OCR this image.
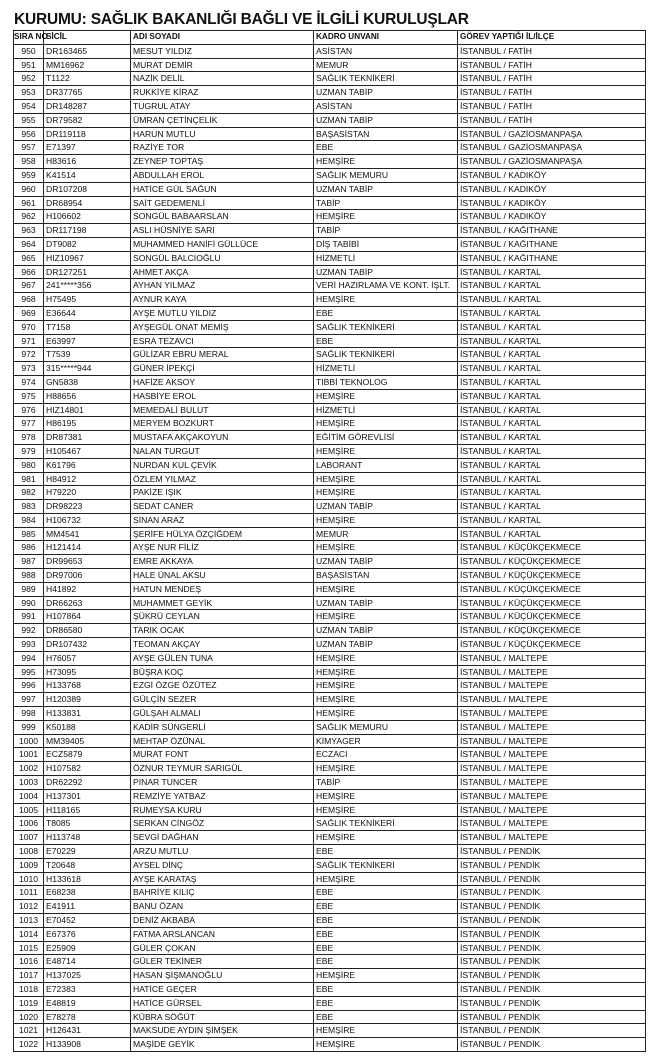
KURUMU: SAĞLIK BAKANLIĞI BAĞLI VE İLGİLİ KURULUŞLAR
SIRA NO	SİCİL	ADI SOYADI	KADRO UNVANI	GÖREV YAPTIĞI İL/İLÇE
950	DR163465	MESUT YILDIZ	ASİSTAN	İSTANBUL / FATİH
951	MM16962	MURAT DEMİR	MEMUR	İSTANBUL / FATİH
952	T1122	NAZİK DELİL	SAĞLIK TEKNİKERİ	İSTANBUL / FATİH
953	DR37765	RUKKİYE KİRAZ	UZMAN TABİP	İSTANBUL / FATİH
954	DR148287	TUGRUL ATAY	ASİSTAN	İSTANBUL / FATİH
955	DR79582	ÜMRAN ÇETİNÇELİK	UZMAN TABİP	İSTANBUL / FATİH
956	DR119118	HARUN MUTLU	BAŞASİSTAN	İSTANBUL / GAZİOSMANPAŞA
957	E71397	RAZİYE TOR	EBE	İSTANBUL / GAZİOSMANPAŞA
958	H83616	ZEYNEP TOPTAŞ	HEMŞİRE	İSTANBUL / GAZİOSMANPAŞA
959	K41514	ABDULLAH EROL	SAĞLIK MEMURU	İSTANBUL / KADIKÖY
960	DR107208	HATİCE GÜL SAĞUN	UZMAN TABİP	İSTANBUL / KADIKÖY
961	DR68954	SAİT GEDEMENLİ	TABİP	İSTANBUL / KADIKÖY
962	H106602	SONGÜL BABAARSLAN	HEMŞİRE	İSTANBUL / KADIKÖY
963	DR117198	ASLI HÜSNİYE SARI	TABİP	İSTANBUL / KAĞITHANE
964	DT9082	MUHAMMED HANİFİ GÜLLÜCE	DİŞ TABİBİ	İSTANBUL / KAĞITHANE
965	HIZ10967	SONGÜL BALCIOĞLU	HİZMETLİ	İSTANBUL / KAĞITHANE
966	DR127251	AHMET AKÇA	UZMAN TABİP	İSTANBUL / KARTAL
967	241*****356	AYHAN YILMAZ	VERİ HAZIRLAMA VE KONT. İŞLT.	İSTANBUL / KARTAL
968	H75495	AYNUR KAYA	HEMŞİRE	İSTANBUL / KARTAL
969	E36644	AYŞE MUTLU YILDIZ	EBE	İSTANBUL / KARTAL
970	T7158	AYŞEGÜL ONAT MEMİŞ	SAĞLIK TEKNİKERİ	İSTANBUL / KARTAL
971	E63997	ESRA TEZAVCI	EBE	İSTANBUL / KARTAL
972	T7539	GÜLİZAR EBRU MERAL	SAĞLIK TEKNİKERİ	İSTANBUL / KARTAL
973	315*****944	GÜNER İPEKÇİ	HİZMETLİ	İSTANBUL / KARTAL
974	GN5838	HAFİZE AKSOY	TIBBİ TEKNOLOG	İSTANBUL / KARTAL
975	H88656	HASBİYE EROL	HEMŞİRE	İSTANBUL / KARTAL
976	HIZ14801	MEMEDALİ BULUT	HİZMETLİ	İSTANBUL / KARTAL
977	H86195	MERYEM BOZKURT	HEMŞİRE	İSTANBUL / KARTAL
978	DR87381	MUSTAFA AKÇAKOYUN	EĞİTİM GÖREVLİSİ	İSTANBUL / KARTAL
979	H105467	NALAN TURGUT	HEMŞİRE	İSTANBUL / KARTAL
980	K61796	NURDAN KUL ÇEVİK	LABORANT	İSTANBUL / KARTAL
981	H84912	ÖZLEM YILMAZ	HEMŞİRE	İSTANBUL / KARTAL
982	H79220	PAKİZE IŞIK	HEMŞİRE	İSTANBUL / KARTAL
983	DR98223	SEDAT CANER	UZMAN TABİP	İSTANBUL / KARTAL
984	H106732	SİNAN ARAZ	HEMŞİRE	İSTANBUL / KARTAL
985	MM4541	ŞERİFE HÜLYA ÖZÇİĞDEM	MEMUR	İSTANBUL / KARTAL
986	H121414	AYŞE NUR FİLİZ	HEMŞİRE	İSTANBUL / KÜÇÜKÇEKMECE
987	DR99653	EMRE AKKAYA	UZMAN TABİP	İSTANBUL / KÜÇÜKÇEKMECE
988	DR97006	HALE ÜNAL AKSU	BAŞASİSTAN	İSTANBUL / KÜÇÜKÇEKMECE
989	H41892	HATUN MENDEŞ	HEMŞİRE	İSTANBUL / KÜÇÜKÇEKMECE
990	DR66263	MUHAMMET GEYİK	UZMAN TABİP	İSTANBUL / KÜÇÜKÇEKMECE
991	H107864	ŞÜKRÜ CEYLAN	HEMŞİRE	İSTANBUL / KÜÇÜKÇEKMECE
992	DR86580	TARIK OCAK	UZMAN TABİP	İSTANBUL / KÜÇÜKÇEKMECE
993	DR107432	TEOMAN AKÇAY	UZMAN TABİP	İSTANBUL / KÜÇÜKÇEKMECE
994	H76057	AYŞE GÜLEN TUNA	HEMŞİRE	İSTANBUL / MALTEPE
995	H73095	BÜŞRA KOÇ	HEMŞİRE	İSTANBUL / MALTEPE
996	H133768	EZGİ ÖZGE ÖZÜTEZ	HEMŞİRE	İSTANBUL / MALTEPE
997	H120389	GÜLÇİN SEZER	HEMŞİRE	İSTANBUL / MALTEPE
998	H133831	GÜLŞAH ALMALI	HEMŞİRE	İSTANBUL / MALTEPE
999	K50188	KADİR SÜNGERLİ	SAĞLIK MEMURU	İSTANBUL / MALTEPE
1000	MM39405	MEHTAP ÖZÜNAL	KİMYAGER	İSTANBUL / MALTEPE
1001	ECZ5879	MURAT FONT	ECZACI	İSTANBUL / MALTEPE
1002	H107582	ÖZNUR TEYMUR SARIGÜL	HEMŞİRE	İSTANBUL / MALTEPE
1003	DR62292	PINAR TUNCER	TABİP	İSTANBUL / MALTEPE
1004	H137301	REMZİYE YATBAZ	HEMŞİRE	İSTANBUL / MALTEPE
1005	H118165	RUMEYSA KURU	HEMŞİRE	İSTANBUL / MALTEPE
1006	T8085	SERKAN CİNGÖZ	SAĞLIK TEKNİKERİ	İSTANBUL / MALTEPE
1007	H113748	SEVGİ DAĞHAN	HEMŞİRE	İSTANBUL / MALTEPE
1008	E70229	ARZU MUTLU	EBE	İSTANBUL / PENDİK
1009	T20648	AYSEL DİNÇ	SAĞLIK TEKNİKERİ	İSTANBUL / PENDİK
1010	H133618	AYŞE KARATAŞ	HEMŞİRE	İSTANBUL / PENDİK
1011	E68238	BAHRİYE KILIÇ	EBE	İSTANBUL / PENDİK
1012	E41911	BANU ÖZAN	EBE	İSTANBUL / PENDİK
1013	E70452	DENİZ AKBABA	EBE	İSTANBUL / PENDİK
1014	E67376	FATMA ARSLANCAN	EBE	İSTANBUL / PENDİK
1015	E25909	GÜLER ÇOKAN	EBE	İSTANBUL / PENDİK
1016	E48714	GÜLER TEKİNER	EBE	İSTANBUL / PENDİK
1017	H137025	HASAN ŞİŞMANOĞLU	HEMŞİRE	İSTANBUL / PENDİK
1018	E72383	HATİCE GEÇER	EBE	İSTANBUL / PENDİK
1019	E48819	HATİCE GÜRSEL	EBE	İSTANBUL / PENDİK
1020	E78278	KÜBRA SÖĞÜT	EBE	İSTANBUL / PENDİK
1021	H126431	MAKSUDE AYDIN ŞİMŞEK	HEMŞİRE	İSTANBUL / PENDİK
1022	H133908	MAŞİDE GEYİK	HEMŞİRE	İSTANBUL / PENDİK
